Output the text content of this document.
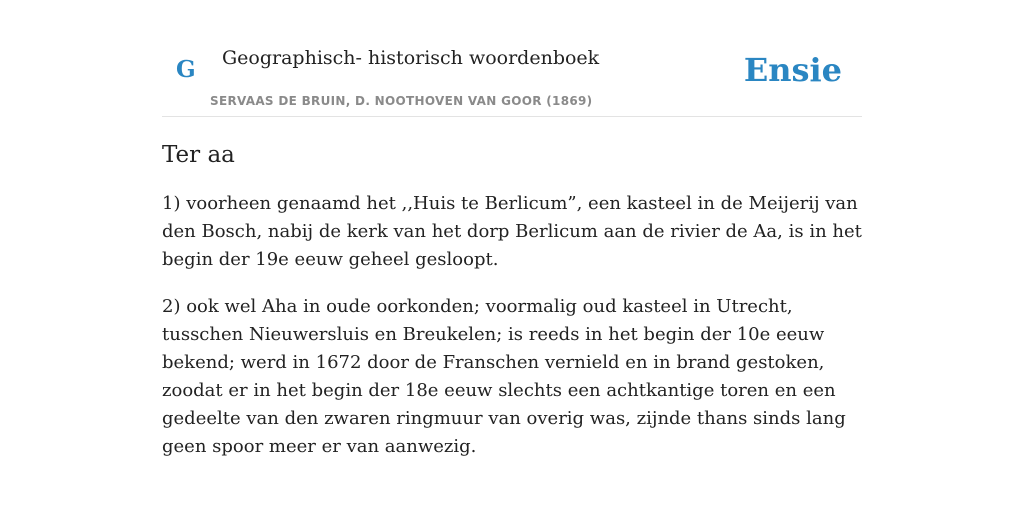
G Geographisch- historisch woordenboek
SERVAAS DE BRUIN, D. NOOTHOVEN VAN GOOR (1869)
Ensie
Ter aa

1) voorheen genaamd het ,,Huis te Berlicum”, een kasteel in de Meijerij van den Bosch, nabij de kerk van het dorp Berlicum aan de rivier de Aa, is in het begin der 19e eeuw geheel gesloopt.

2) ook wel Aha in oude oorkonden; voormalig oud kasteel in Utrecht, tusschen Nieuwersluis en Breukelen; is reeds in het begin der 10e eeuw bekend; werd in 1672 door de Franschen vernield en in brand gestoken, zoodat er in het begin der 18e eeuw slechts een achtkantige toren en een gedeelte van den zwaren ringmuur van overig was, zijnde thans sinds lang geen spoor meer er van aanwezig.
